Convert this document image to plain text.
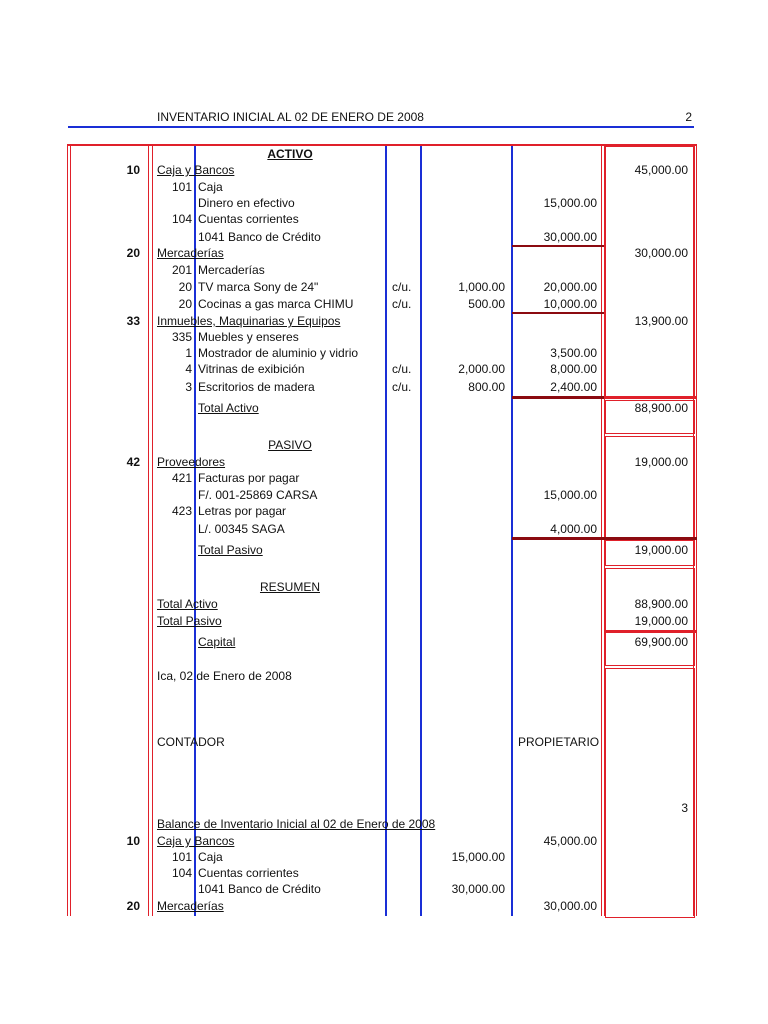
INVENTARIO INICIAL AL 02 DE ENERO DE 2008	2
ACTIVO
10 Caja y Bancos	45,000.00
101 Caja
Dinero en efectivo	15,000.00
104 Cuentas corrientes
1041 Banco de Crédito	30,000.00
20 Mercaderías	30,000.00
201 Mercaderías
20 TV marca Sony de 24"	c/u.	1,000.00	20,000.00
20 Cocinas a gas marca CHIMU	c/u.	500.00	10,000.00
33 Inmuebles, Maquinarias y Equipos	13,900.00
335 Muebles y enseres
1 Mostrador de aluminio y vidrio	3,500.00
4 Vitrinas de exibición	c/u.	2,000.00	8,000.00
3 Escritorios de madera	c/u.	800.00	2,400.00
Total Activo	88,900.00
PASIVO
42 Proveedores	19,000.00
421 Facturas por pagar
F/. 001-25869 CARSA	15,000.00
423 Letras por pagar
L/. 00345 SAGA	4,000.00
Total Pasivo	19,000.00
RESUMEN
Total Activo	88,900.00
Total Pasivo	19,000.00
Capital	69,900.00
Ica, 02 de Enero de 2008
CONTADOR	PROPIETARIO
3
Balance de Inventario Inicial al 02 de Enero de 2008
10 Caja y Bancos	45,000.00
101 Caja	15,000.00
104 Cuentas corrientes
1041 Banco de Crédito	30,000.00
20 Mercaderías	30,000.00
